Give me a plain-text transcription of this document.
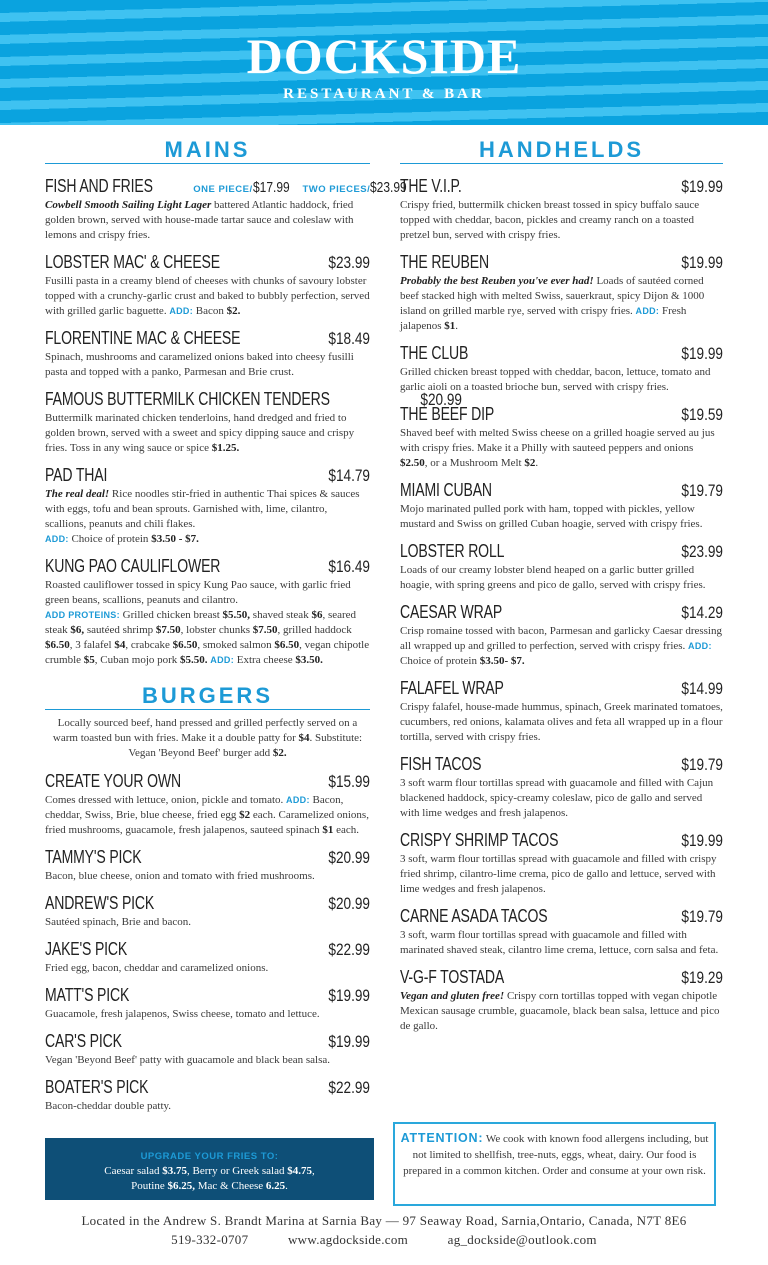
DOCKSIDE
RESTAURANT & BAR
MAINS
FISH AND FRIES	ONE PIECE/$17.99 TWO PIECES/$23.99
Cowbell Smooth Sailing Light Lager battered Atlantic haddock, fried golden brown, served with house-made tartar sauce and coleslaw with lemons and crispy fries.
LOBSTER MAC' & CHEESE	$23.99
Fusilli pasta in a creamy blend of cheeses with chunks of savoury lobster topped with a crunchy-garlic crust and baked to bubbly perfection, served with grilled garlic baguette. ADD: Bacon $2.
FLORENTINE MAC & CHEESE	$18.49
Spinach, mushrooms and caramelized onions baked into cheesy fusilli pasta and topped with a panko, Parmesan and Brie crust.
FAMOUS BUTTERMILK CHICKEN TENDERS	$20.99
Buttermilk marinated chicken tenderloins, hand dredged and fried to golden brown, served with a sweet and spicy dipping sauce and crispy fries. Toss in any wing sauce or spice $1.25.
PAD THAI	$14.79
The real deal! Rice noodles stir-fried in authentic Thai spices & sauces with eggs, tofu and bean sprouts. Garnished with, lime, cilantro, scallions, peanuts and chili flakes.
ADD: Choice of protein $3.50 - $7.
KUNG PAO CAULIFLOWER	$16.49
Roasted cauliflower tossed in spicy Kung Pao sauce, with garlic fried green beans, scallions, peanuts and cilantro.
ADD PROTEINS: Grilled chicken breast $5.50, shaved steak $6, seared steak $6, sautéed shrimp $7.50, lobster chunks $7.50, grilled haddock $6.50, 3 falafel $4, crabcake $6.50, smoked salmon $6.50, vegan chipotle crumble $5, Cuban mojo pork $5.50. ADD: Extra cheese $3.50.
BURGERS
Locally sourced beef, hand pressed and grilled perfectly served on a warm toasted bun with fries. Make it a double patty for $4. Substitute: Vegan 'Beyond Beef' burger add $2.
CREATE YOUR OWN	$15.99
Comes dressed with lettuce, onion, pickle and tomato. ADD: Bacon, cheddar, Swiss, Brie, blue cheese, fried egg $2 each. Caramelized onions, fried mushrooms, guacamole, fresh jalapenos, sauteed spinach $1 each.
TAMMY'S PICK	$20.99
Bacon, blue cheese, onion and tomato with fried mushrooms.
ANDREW'S PICK	$20.99
Sautéed spinach, Brie and bacon.
JAKE'S PICK	$22.99
Fried egg, bacon, cheddar and caramelized onions.
MATT'S PICK	$19.99
Guacamole, fresh jalapenos, Swiss cheese, tomato and lettuce.
CAR'S PICK	$19.99
Vegan 'Beyond Beef' patty with guacamole and black bean salsa.
BOATER'S PICK	$22.99
Bacon-cheddar double patty.
HANDHELDS
THE V.I.P.	$19.99
Crispy fried, buttermilk chicken breast tossed in spicy buffalo sauce topped with cheddar, bacon, pickles and creamy ranch on a toasted pretzel bun, served with crispy fries.
THE REUBEN	$19.99
Probably the best Reuben you've ever had! Loads of sautéed corned beef stacked high with melted Swiss, sauerkraut, spicy Dijon & 1000 island on grilled marble rye, served with crispy fries. ADD: Fresh jalapenos $1.
THE CLUB	$19.99
Grilled chicken breast topped with cheddar, bacon, lettuce, tomato and garlic aioli on a toasted brioche bun, served with crispy fries.
THE BEEF DIP	$19.59
Shaved beef with melted Swiss cheese on a grilled hoagie served au jus with crispy fries. Make it a Philly with sauteed peppers and onions $2.50, or a Mushroom Melt $2.
MIAMI CUBAN	$19.79
Mojo marinated pulled pork with ham, topped with pickles, yellow mustard and Swiss on grilled Cuban hoagie, served with crispy fries.
LOBSTER ROLL	$23.99
Loads of our creamy lobster blend heaped on a garlic butter grilled hoagie, with spring greens and pico de gallo, served with crispy fries.
CAESAR WRAP	$14.29
Crisp romaine tossed with bacon, Parmesan and garlicky Caesar dressing all wrapped up and grilled to perfection, served with crispy fries. ADD: Choice of protein $3.50- $7.
FALAFEL WRAP	$14.99
Crispy falafel, house-made hummus, spinach, Greek marinated tomatoes, cucumbers, red onions, kalamata olives and feta all wrapped up in a flour tortilla, served with crispy fries.
FISH TACOS	$19.79
3 soft warm flour tortillas spread with guacamole and filled with Cajun blackened haddock, spicy-creamy coleslaw, pico de gallo and served with lime wedges and fresh jalapenos.
CRISPY SHRIMP TACOS	$19.99
3 soft, warm flour tortillas spread with guacamole and filled with crispy fried shrimp, cilantro-lime crema, pico de gallo and lettuce, served with lime wedges and fresh jalapenos.
CARNE ASADA TACOS	$19.79
3 soft, warm flour tortillas spread with guacamole and filled with marinated shaved steak, cilantro lime crema, lettuce, corn salsa and feta.
V-G-F TOSTADA	$19.29
Vegan and gluten free! Crispy corn tortillas topped with vegan chipotle Mexican sausage crumble, guacamole, black bean salsa, lettuce and pico de gallo.
UPGRADE YOUR FRIES TO:
Caesar salad $3.75, Berry or Greek salad $4.75,
Poutine $6.25, Mac & Cheese 6.25.
ATTENTION: We cook with known food allergens including, but not limited to shellfish, tree-nuts, eggs, wheat, dairy. Our food is prepared in a common kitchen. Order and consume at your own risk.
Located in the Andrew S. Brandt Marina at Sarnia Bay — 97 Seaway Road, Sarnia,Ontario, Canada, N7T 8E6
519-332-0707	www.agdockside.com	ag_dockside@outlook.com
